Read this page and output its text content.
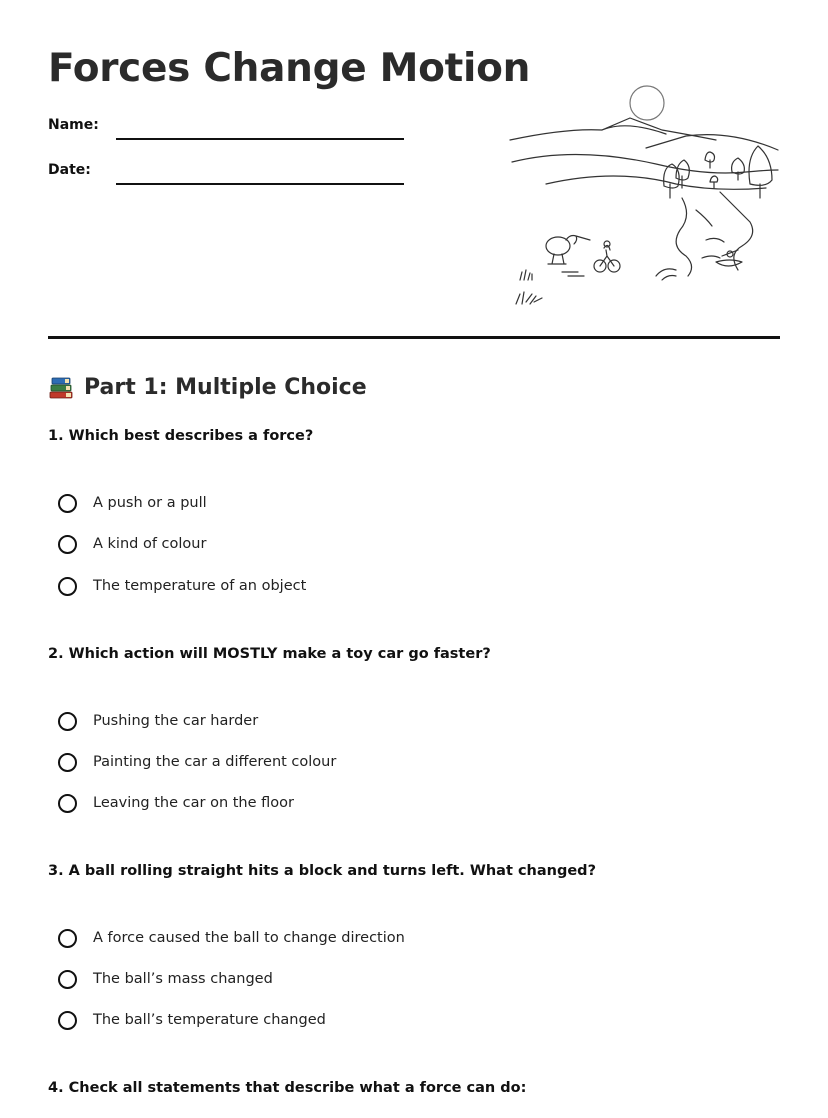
Forces Change Motion
Name:
Date:
Part 1: Multiple Choice

1. Which best describes a force?

A push or a pull
A kind of colour
The temperature of an object

2. Which action will MOSTLY make a toy car go faster?

Pushing the car harder
Painting the car a different colour
Leaving the car on the floor

3. A ball rolling straight hits a block and turns left. What changed?

A force caused the ball to change direction
The ball’s mass changed
The ball’s temperature changed

4. Check all statements that describe what a force can do:
